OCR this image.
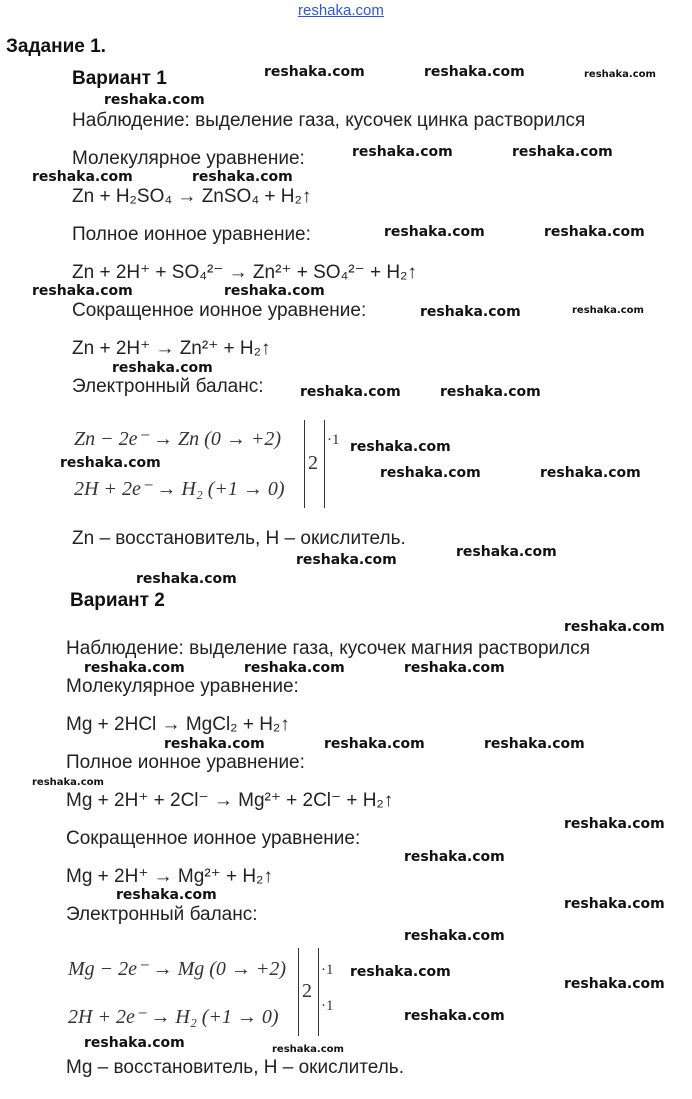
reshaka.com
Задание 1.
Вариант 1
Наблюдение: выделение газа, кусочек цинка растворился
Молекулярное уравнение:
Zn + H₂SO₄ → ZnSO₄ + H₂↑
Полное ионное уравнение:
Zn + 2H⁺ + SO₄²⁻ → Zn²⁺ + SO₄²⁻ + H₂↑
Сокращенное ионное уравнение:
Zn + 2H⁺ → Zn²⁺ + H₂↑
Электронный баланс:
Zn − 2e⁻ → Zn (0 → +2)
2H + 2e⁻ → H₂ (+1 → 0)
2
·1
Zn – восстановитель, H – окислитель.
Вариант 2
Наблюдение: выделение газа, кусочек магния растворился
Молекулярное уравнение:
Mg + 2HCl → MgCl₂ + H₂↑
Полное ионное уравнение:
Mg + 2H⁺ + 2Cl⁻ → Mg²⁺ + 2Cl⁻ + H₂↑
Сокращенное ионное уравнение:
Mg + 2H⁺ → Mg²⁺ + H₂↑
Электронный баланс:
Mg − 2e⁻ → Mg (0 → +2)
2H + 2e⁻ → H₂ (+1 → 0)
2
·1
·1
Mg – восстановитель, H – окислитель.
reshaka.com	reshaka.com	reshaka.com
reshaka.com
reshaka.com	reshaka.com
reshaka.com	reshaka.com
reshaka.com	reshaka.com
reshaka.com	reshaka.com
reshaka.com	reshaka.com
reshaka.com
reshaka.com	reshaka.com
reshaka.com
reshaka.com
reshaka.com	reshaka.com
reshaka.com
reshaka.com
reshaka.com
reshaka.com
reshaka.com
reshaka.com	reshaka.com
reshaka.com
reshaka.com	reshaka.com
reshaka.com
reshaka.com
reshaka.com
reshaka.com
reshaka.com
reshaka.com
reshaka.com
reshaka.com
reshaka.com
reshaka.com	reshaka.com
